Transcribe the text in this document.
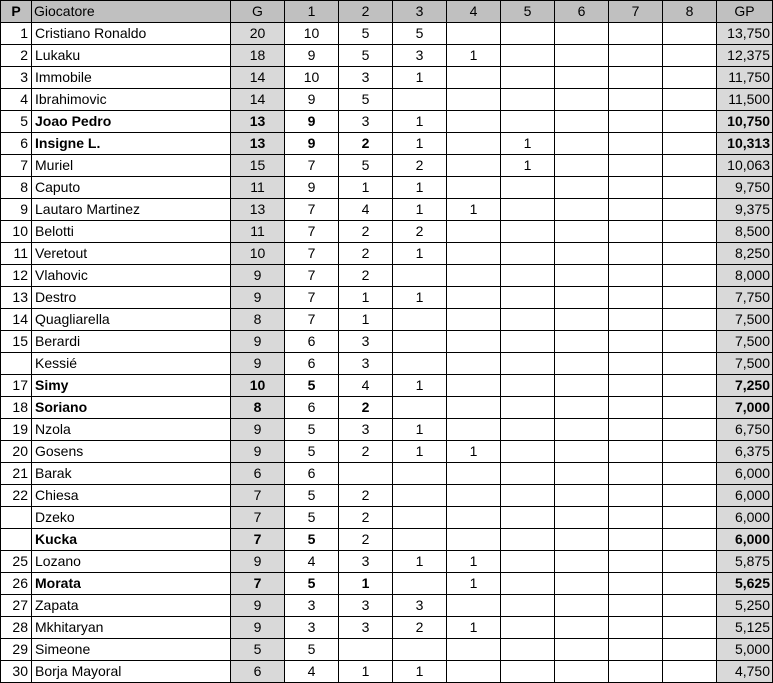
P	Giocatore	G	1	2	3	4	5	6	7	8	GP
1	Cristiano Ronaldo	20	10	5	5						13,750
2	Lukaku	18	9	5	3	1					12,375
3	Immobile	14	10	3	1						11,750
4	Ibrahimovic	14	9	5							11,500
5	Joao Pedro	13	9	3	1						10,750
6	Insigne L.	13	9	2	1		1				10,313
7	Muriel	15	7	5	2		1				10,063
8	Caputo	11	9	1	1						9,750
9	Lautaro Martinez	13	7	4	1	1					9,375
10	Belotti	11	7	2	2						8,500
11	Veretout	10	7	2	1						8,250
12	Vlahovic	9	7	2							8,000
13	Destro	9	7	1	1						7,750
14	Quagliarella	8	7	1							7,500
15	Berardi	9	6	3							7,500
	Kessié	9	6	3							7,500
17	Simy	10	5	4	1						7,250
18	Soriano	8	6	2							7,000
19	Nzola	9	5	3	1						6,750
20	Gosens	9	5	2	1	1					6,375
21	Barak	6	6								6,000
22	Chiesa	7	5	2							6,000
	Dzeko	7	5	2							6,000
	Kucka	7	5	2							6,000
25	Lozano	9	4	3	1	1					5,875
26	Morata	7	5	1		1					5,625
27	Zapata	9	3	3	3						5,250
28	Mkhitaryan	9	3	3	2	1					5,125
29	Simeone	5	5								5,000
30	Borja Mayoral	6	4	1	1						4,750
